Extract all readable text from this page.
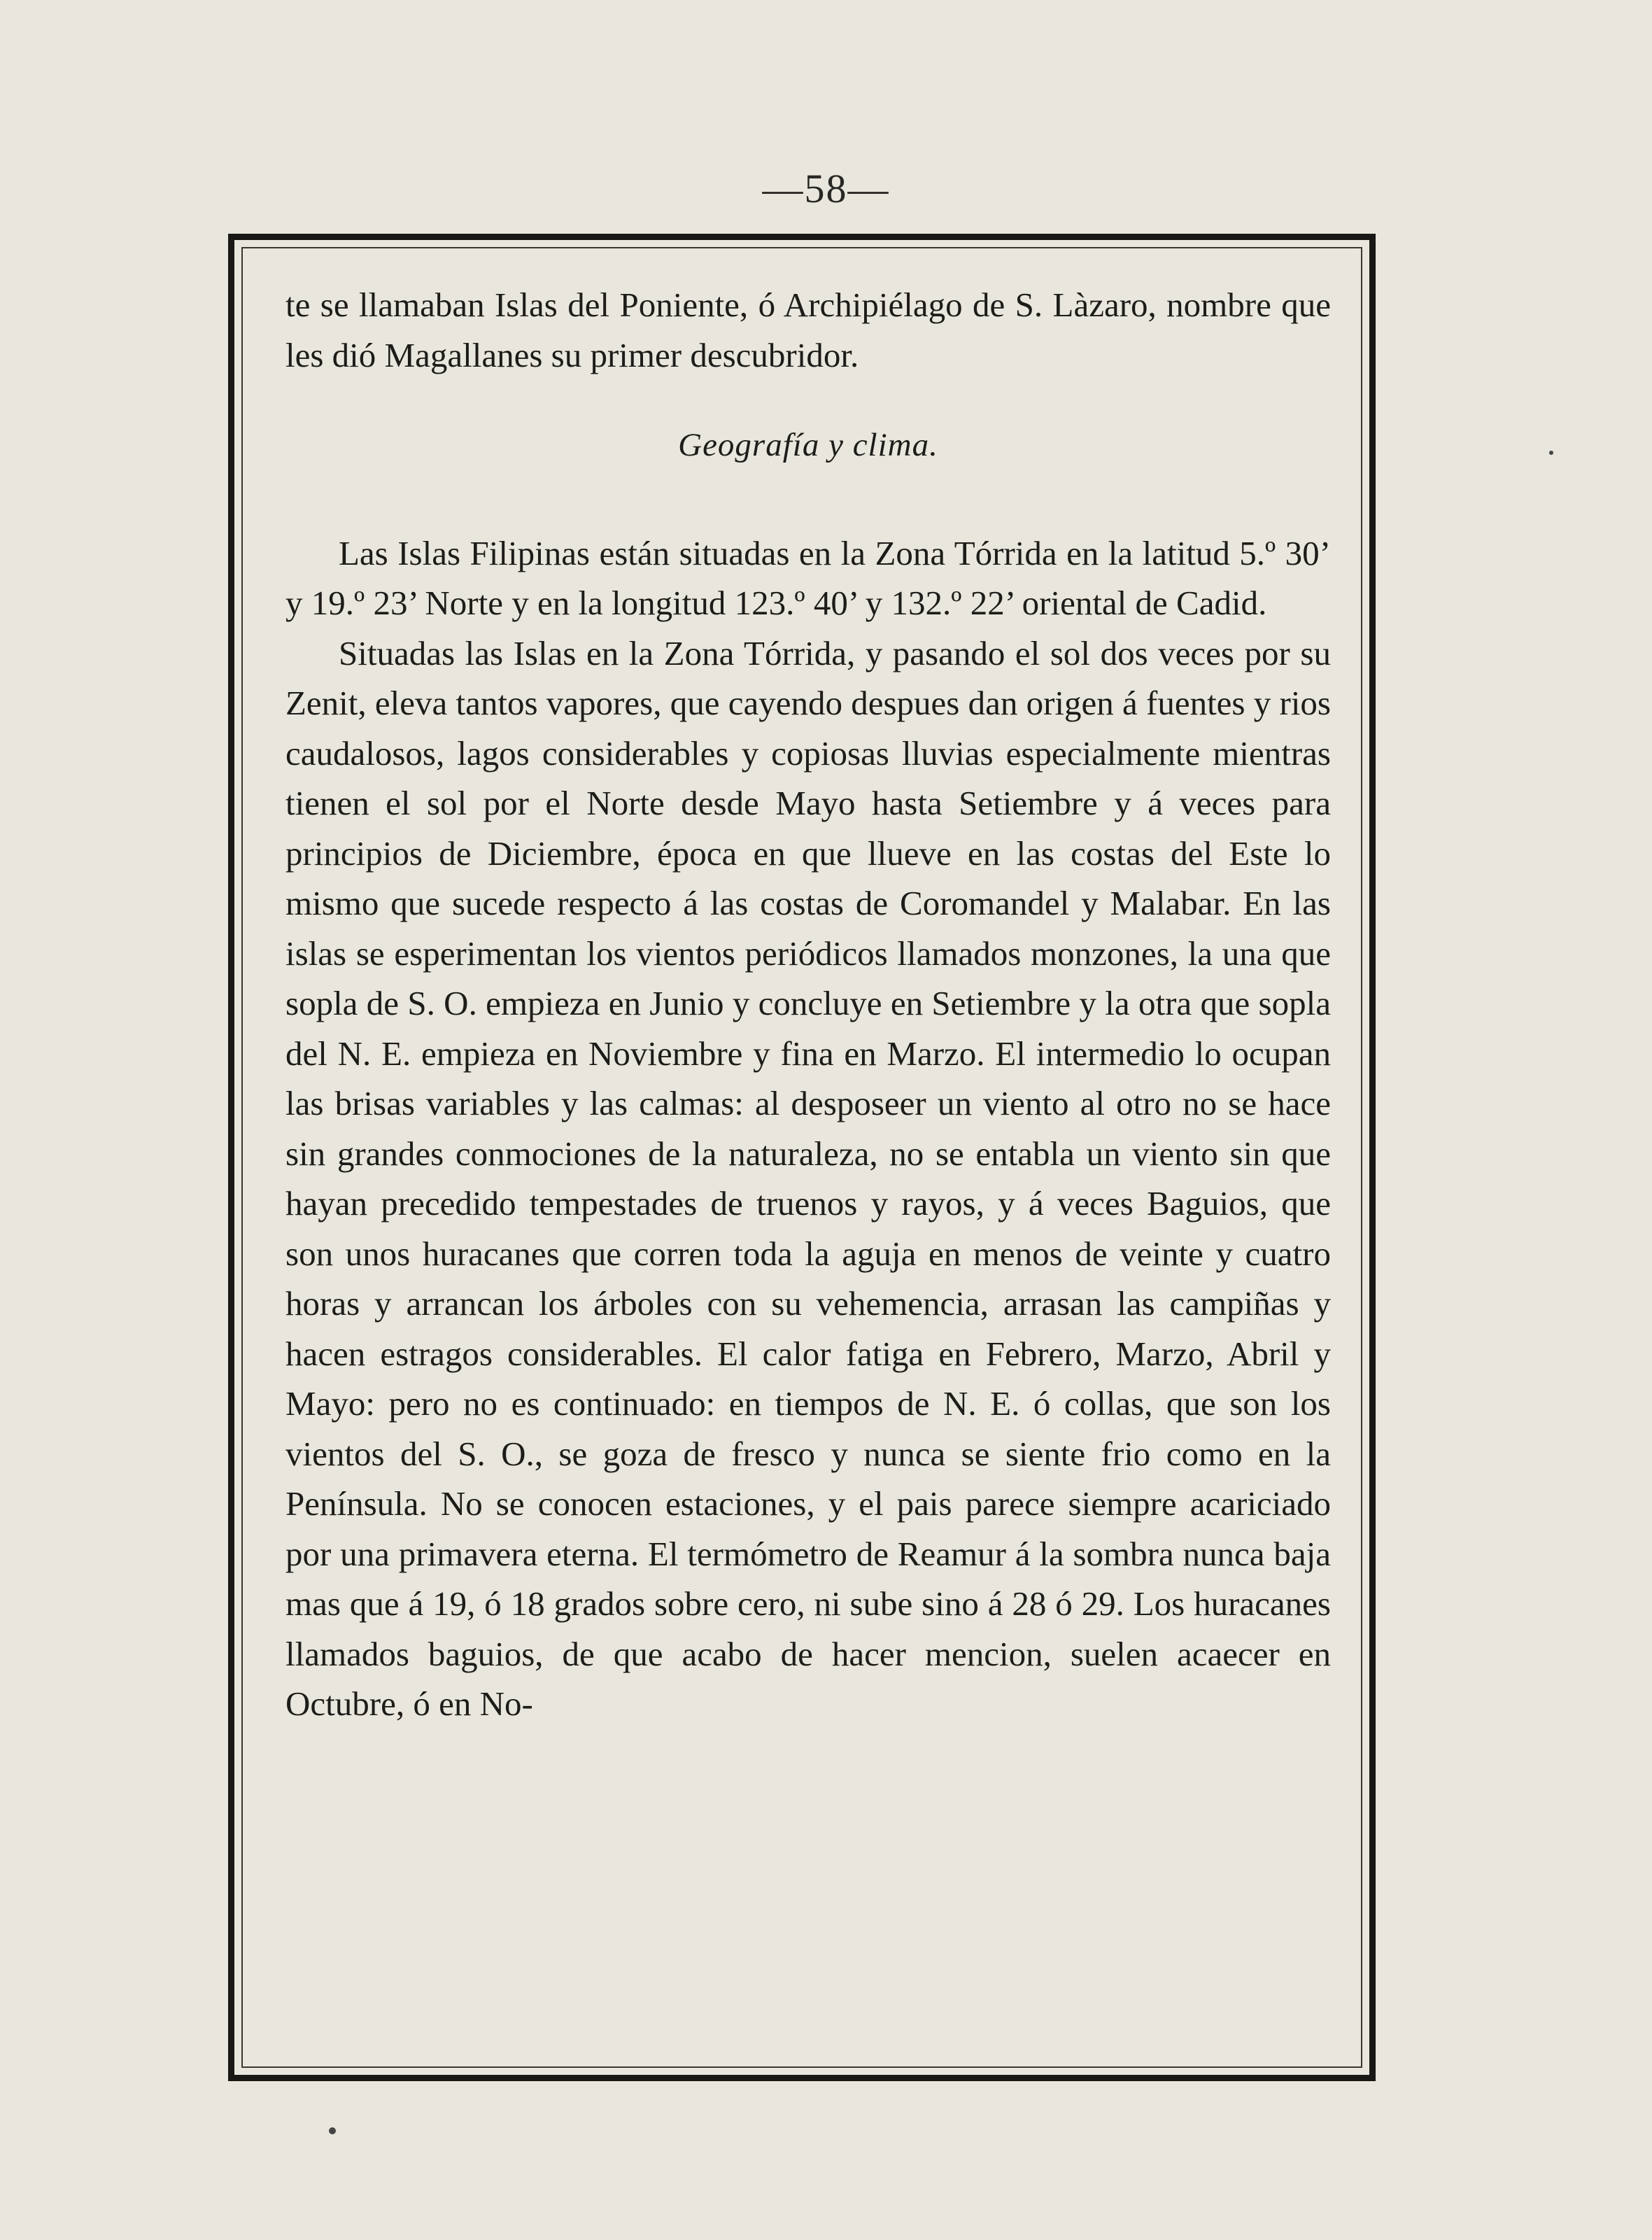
—58—

te se llamaban Islas del Poniente, ó Archipiélago de S. Làzaro, nombre que les dió Magallanes su primer descubridor.

Geografía y clima.

Las Islas Filipinas están situadas en la Zona Tórrida en la latitud 5.º 30’ y 19.º 23’ Norte y en la longitud 123.º 40’ y 132.º 22’ oriental de Cadid.

Situadas las Islas en la Zona Tórrida, y pasando el sol dos veces por su Zenit, eleva tantos vapores, que cayendo despues dan origen á fuentes y rios caudalosos, lagos considerables y copiosas lluvias especialmente mientras tienen el sol por el Norte desde Mayo hasta Setiembre y á veces para principios de Diciembre, época en que llueve en las costas del Este lo mismo que sucede respecto á las costas de Coromandel y Malabar. En las islas se esperimentan los vientos periódicos llamados monzones, la una que sopla de S. O. empieza en Junio y concluye en Setiembre y la otra que sopla del N. E. empieza en Noviembre y fina en Marzo. El intermedio lo ocupan las brisas variables y las calmas: al desposeer un viento al otro no se hace sin grandes conmociones de la naturaleza, no se entabla un viento sin que hayan precedido tempestades de truenos y rayos, y á veces Baguios, que son unos huracanes que corren toda la aguja en menos de veinte y cuatro horas y arrancan los árboles con su vehemencia, arrasan las campiñas y hacen estragos considerables. El calor fatiga en Febrero, Marzo, Abril y Mayo: pero no es continuado: en tiempos de N. E. ó collas, que son los vientos del S. O., se goza de fresco y nunca se siente frio como en la Península. No se conocen estaciones, y el pais parece siempre acariciado por una primavera eterna. El termómetro de Reamur á la sombra nunca baja mas que á 19, ó 18 grados sobre cero, ni sube sino á 28 ó 29. Los huracanes llamados baguios, de que acabo de hacer mencion, suelen acaecer en Octubre, ó en No-
